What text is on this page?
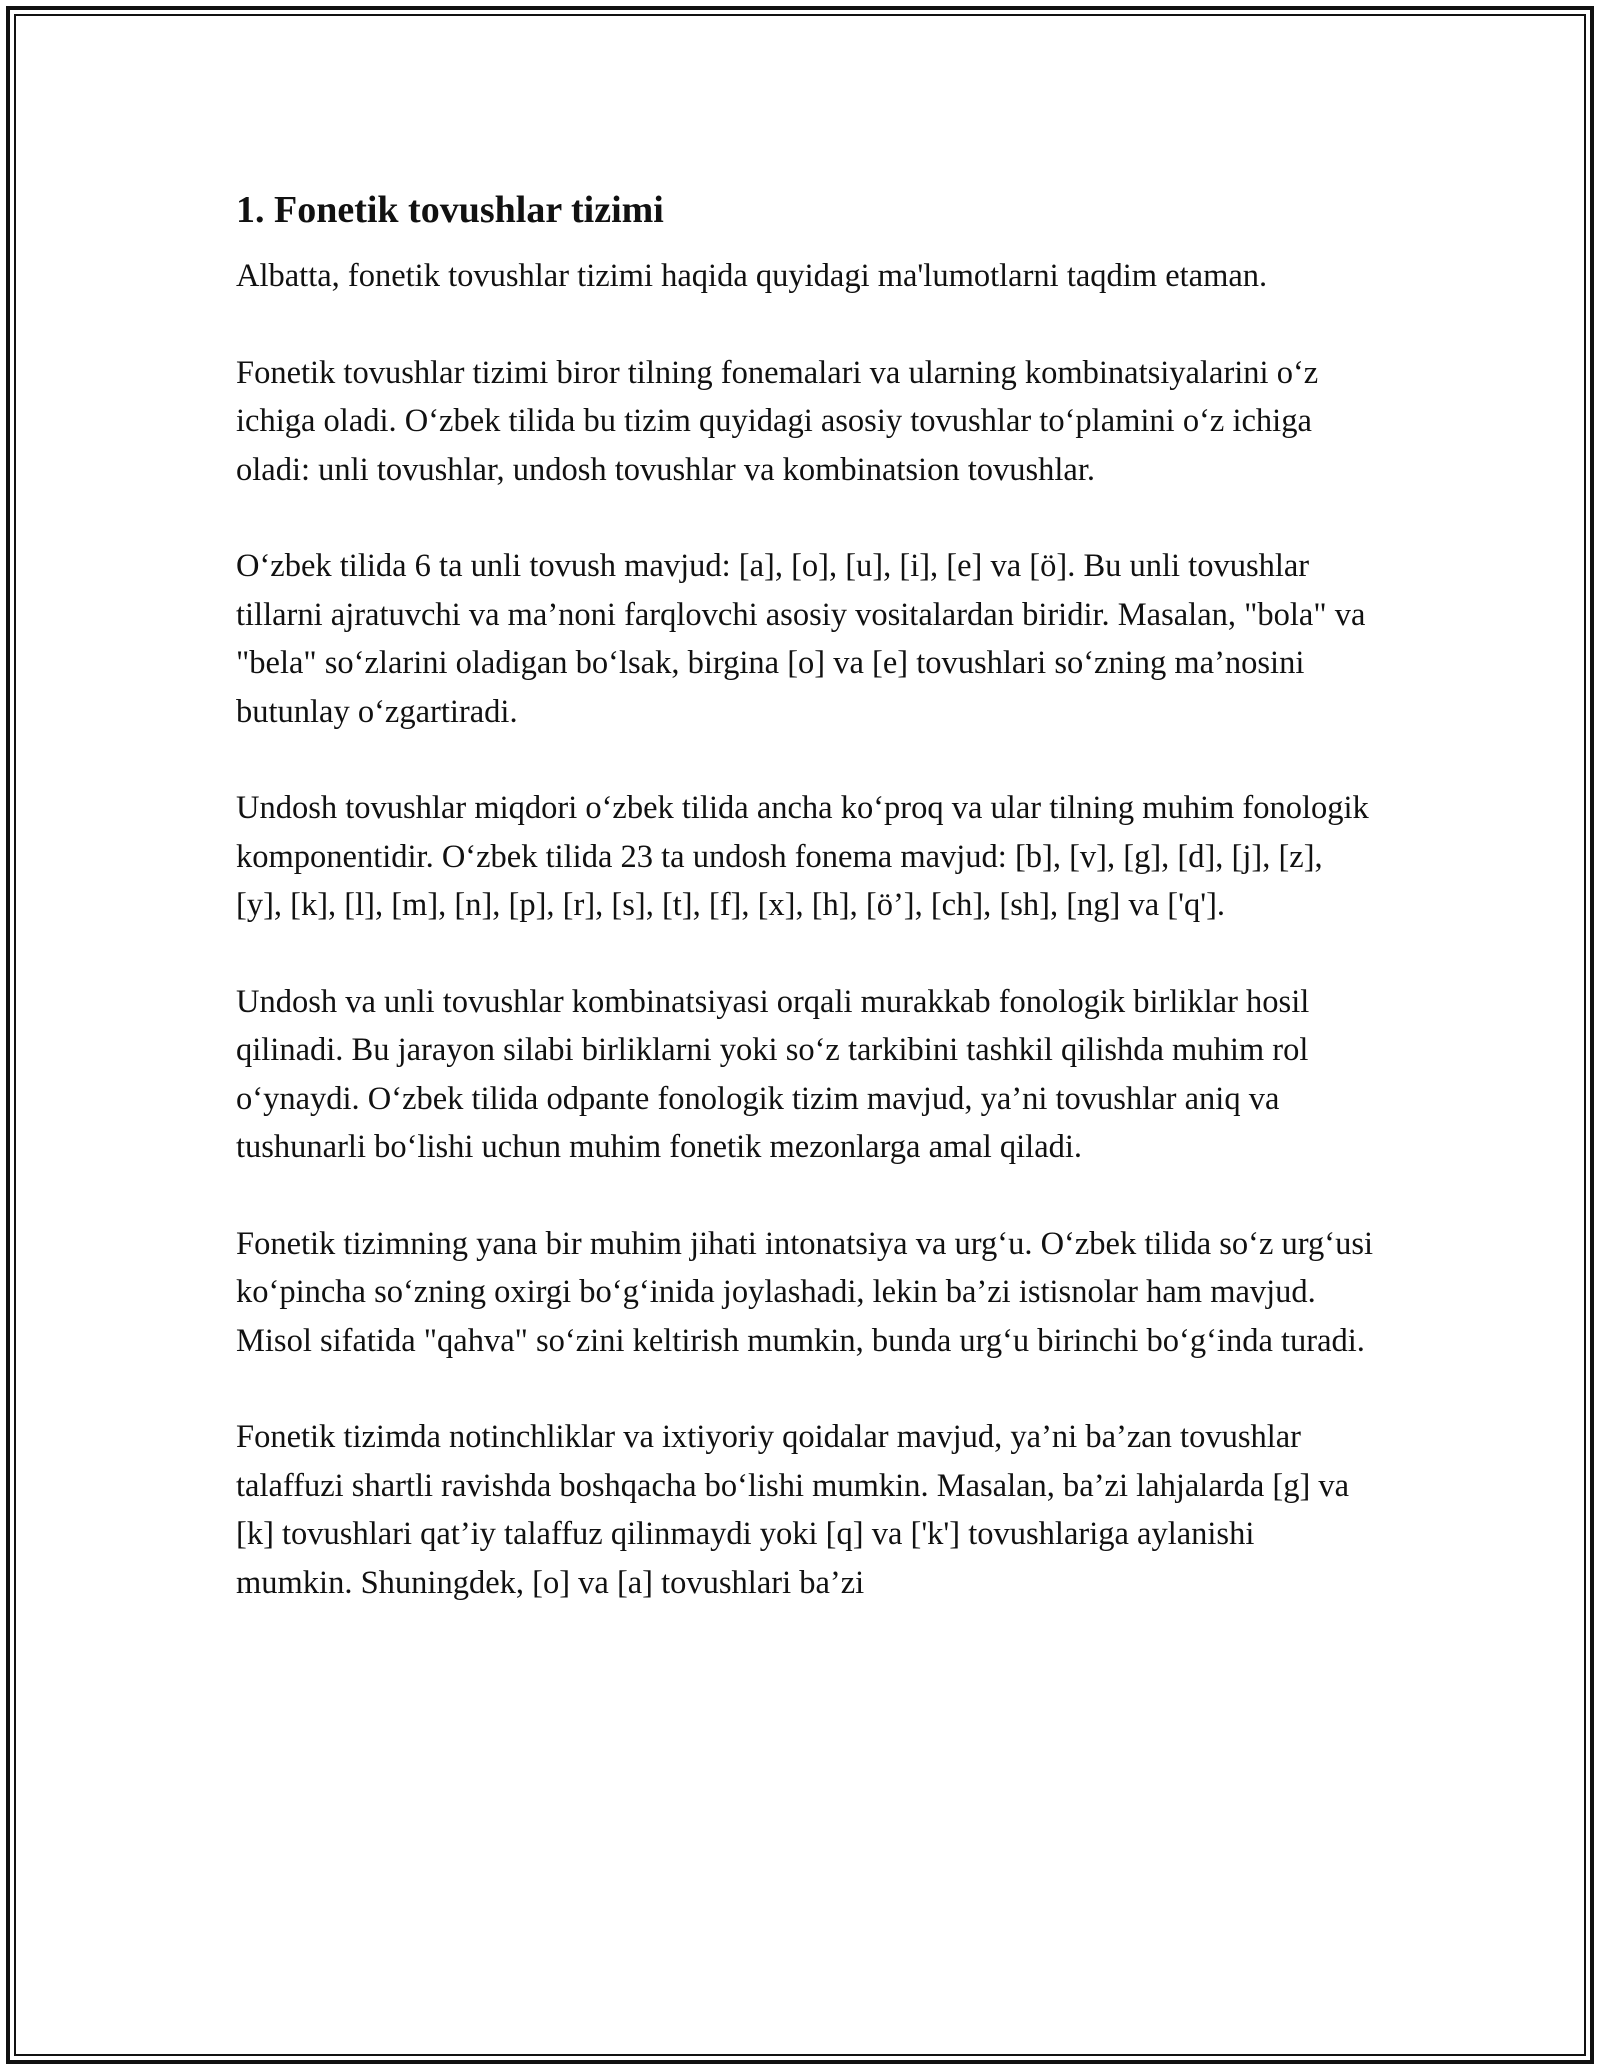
1. Fonetik tovushlar tizimi

Albatta, fonetik tovushlar tizimi haqida quyidagi ma'lumotlarni taqdim etaman.

Fonetik tovushlar tizimi biror tilning fonemalari va ularning kombinatsiyalarini o‘z ichiga oladi. O‘zbek tilida bu tizim quyidagi asosiy tovushlar to‘plamini o‘z ichiga oladi: unli tovushlar, undosh tovushlar va kombinatsion tovushlar.

O‘zbek tilida 6 ta unli tovush mavjud: [a], [o], [u], [i], [e] va [ö]. Bu unli tovushlar tillarni ajratuvchi va ma’noni farqlovchi asosiy vositalardan biridir. Masalan, "bola" va "bela" so‘zlarini oladigan bo‘lsak, birgina [o] va [e] tovushlari so‘zning ma’nosini butunlay o‘zgartiradi.

Undosh tovushlar miqdori o‘zbek tilida ancha ko‘proq va ular tilning muhim fonologik komponentidir. O‘zbek tilida 23 ta undosh fonema mavjud: [b], [v], [g], [d], [j], [z], [y], [k], [l], [m], [n], [p], [r], [s], [t], [f], [x], [h], [ö’], [ch], [sh], [ng] va ['q'].

Undosh va unli tovushlar kombinatsiyasi orqali murakkab fonologik birliklar hosil qilinadi. Bu jarayon silabi birliklarni yoki so‘z tarkibini tashkil qilishda muhim rol o‘ynaydi. O‘zbek tilida odpante fonologik tizim mavjud, ya’ni tovushlar aniq va tushunarli bo‘lishi uchun muhim fonetik mezonlarga amal qiladi.

Fonetik tizimning yana bir muhim jihati intonatsiya va urg‘u. O‘zbek tilida so‘z urg‘usi ko‘pincha so‘zning oxirgi bo‘g‘inida joylashadi, lekin ba’zi istisnolar ham mavjud. Misol sifatida "qahva" so‘zini keltirish mumkin, bunda urg‘u birinchi bo‘g‘inda turadi.

Fonetik tizimda notinchliklar va ixtiyoriy qoidalar mavjud, ya’ni ba’zan tovushlar talaffuzi shartli ravishda boshqacha bo‘lishi mumkin. Masalan, ba’zi lahjalarda [g] va [k] tovushlari qat’iy talaffuz qilinmaydi yoki [q] va ['k'] tovushlariga aylanishi mumkin. Shuningdek, [o] va [a] tovushlari ba’zi
